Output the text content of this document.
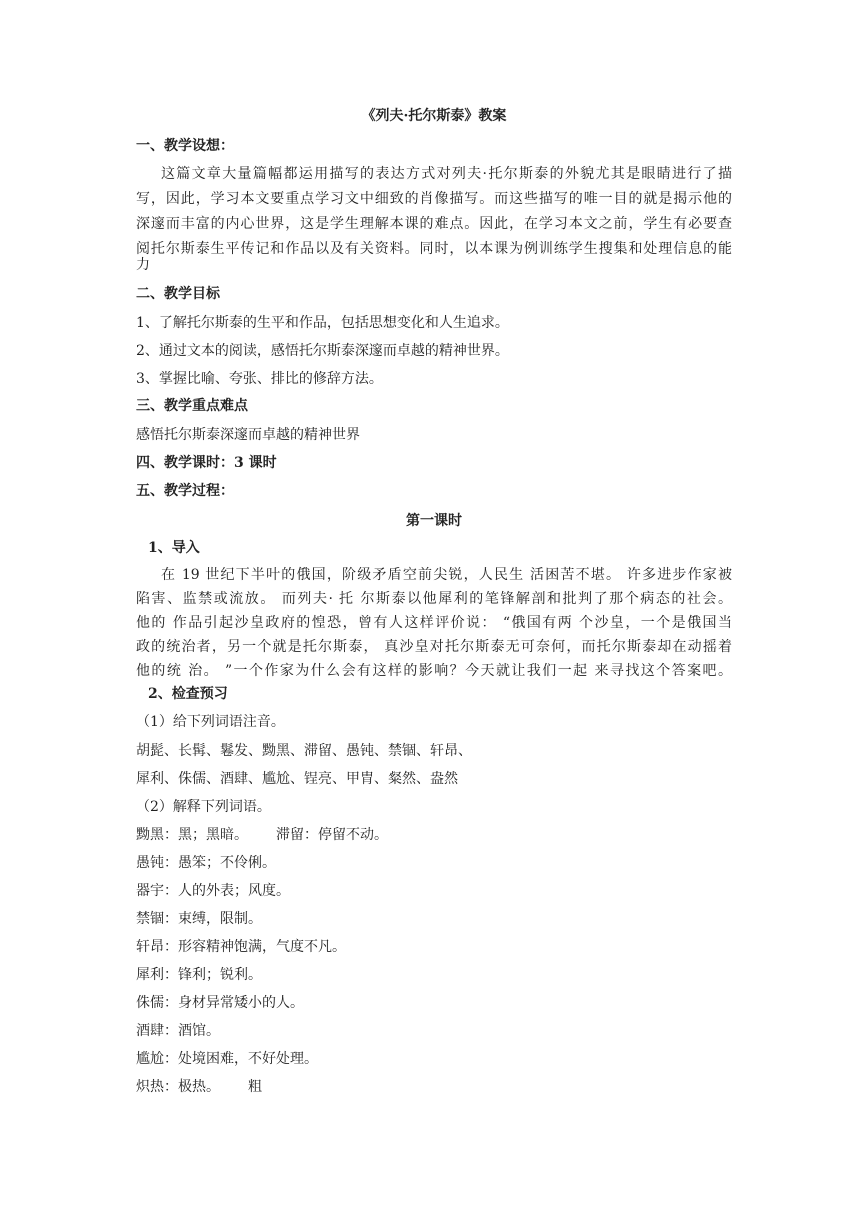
《列夫·托尔斯泰》教案
一、教学设想：
这篇文章大量篇幅都运用描写的表达方式对列夫·托尔斯泰的外貌尤其是眼睛进行了描
写，因此，学习本文要重点学习文中细致的肖像描写。而这些描写的唯一目的就是揭示他的
深邃而丰富的内心世界，这是学生理解本课的难点。因此，在学习本文之前，学生有必要查
阅托尔斯泰生平传记和作品以及有关资料。同时，以本课为例训练学生搜集和处理信息的能
力
二、教学目标
1、了解托尔斯泰的生平和作品，包括思想变化和人生追求。
2、通过文本的阅读，感悟托尔斯泰深邃而卓越的精神世界。
3、掌握比喻、夸张、排比的修辞方法。
三、教学重点难点
感悟托尔斯泰深邃而卓越的精神世界
四、教学课时：3 课时
五、教学过程：
第一课时
1、导入
在 19 世纪下半叶的俄国，阶级矛盾空前尖锐，人民生 活困苦不堪。 许多进步作家被
陷害、监禁或流放。 而列夫· 托 尔斯泰以他犀利的笔锋解剖和批判了那个病态的社会。
他的 作品引起沙皇政府的惶恐，曾有人这样评价说： “俄国有两 个沙皇，一个是俄国当
政的统治者，另一个就是托尔斯泰， 真沙皇对托尔斯泰无可奈何，而托尔斯泰却在动摇着
他的统 治。 ”一个作家为什么会有这样的影响？今天就让我们一起 来寻找这个答案吧。
2、检查预习
（1）给下列词语注音。
胡髭、长髯、鬈发、黝黑、滞留、愚钝、禁锢、轩昂、
犀利、侏儒、酒肆、尴尬、锃亮、甲胄、粲然、盎然
（2）解释下列词语。
黝黑：黑；黑暗。 滞留：停留不动。
愚钝：愚笨；不伶俐。
器宇：人的外表；风度。
禁锢：束缚，限制。
轩昂：形容精神饱满，气度不凡。
犀利：锋利；锐利。
侏儒：身材异常矮小的人。
酒肆：酒馆。
尴尬：处境困难，不好处理。
炽热：极热。 粗
